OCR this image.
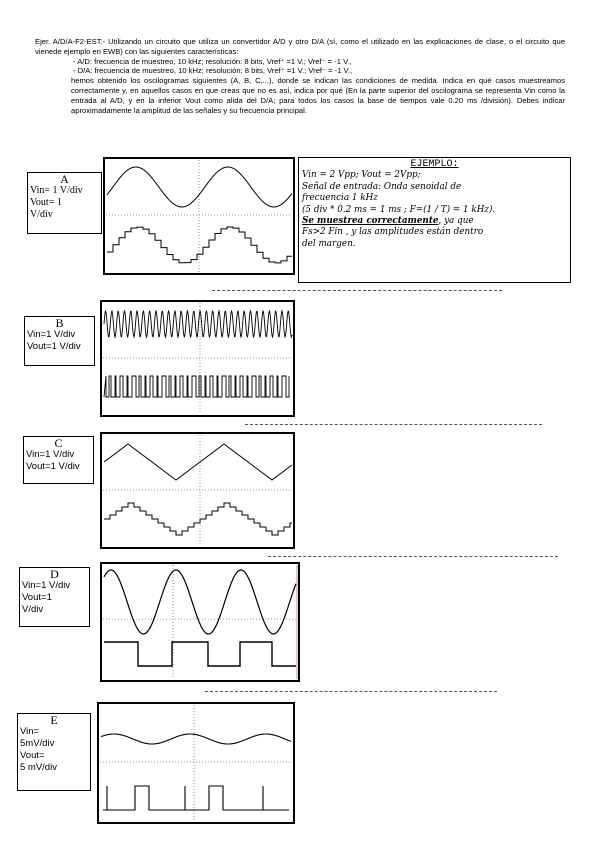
Ejer. A/D/A-F2-EST.- Utilizando un circuito que utiliza un convertidor A/D y otro D/A (sí, como el utilizado en las explicaciones de clase, o el circuito que vienede ejemplo en EWB) con las siguientes características:

- A/D: frecuencia de muestreo, 10 kHz; resolución: 8 bits, Vref⁺ =1 V.; Vref⁻ = -1 V.,

- D/A: frecuencia de muestreo, 10 kHz; resolución: 8 bits, Vref⁺ =1 V.; Vref⁻ = -1 V.,

hemos obtenido los oscilogramas siguientes (A, B, C,...), donde se indican las condiciones de medida. Indica en qué casos muestreamos correctamente y, en aquellos casos en que creas que no es así, indica por qué (En la parte superior del oscilograma se representa Vin como la entrada al A/D, y en la inferior Vout como alida del D/A; para todos los casos la base de tiempos vale 0.20 ms /división). Debes indicar aproximadamente la amplitud de las señales y su frecuencia principal.

A
Vin= 1 V/div
Vout= 1
V/div
EJEMPLO:
Vin = 2 Vpp; Vout = 2Vpp;
Señal de entrada: Onda senoidal de
frecuencia 1 kHz
(5 div * 0.2 ms = 1 ms ; F=(1 / T) = 1 kHz).
Se muestrea correctamente, ya que
Fs>2 Fin , y las amplitudes están dentro
del margen.
B
Vin=1 V/div
Vout=1 V/div
C
Vin=1 V/div
Vout=1 V/div
D
Vin=1 V/div
Vout=1
V/div
E
Vin=
5mV/div
Vout=
5 mV/div
